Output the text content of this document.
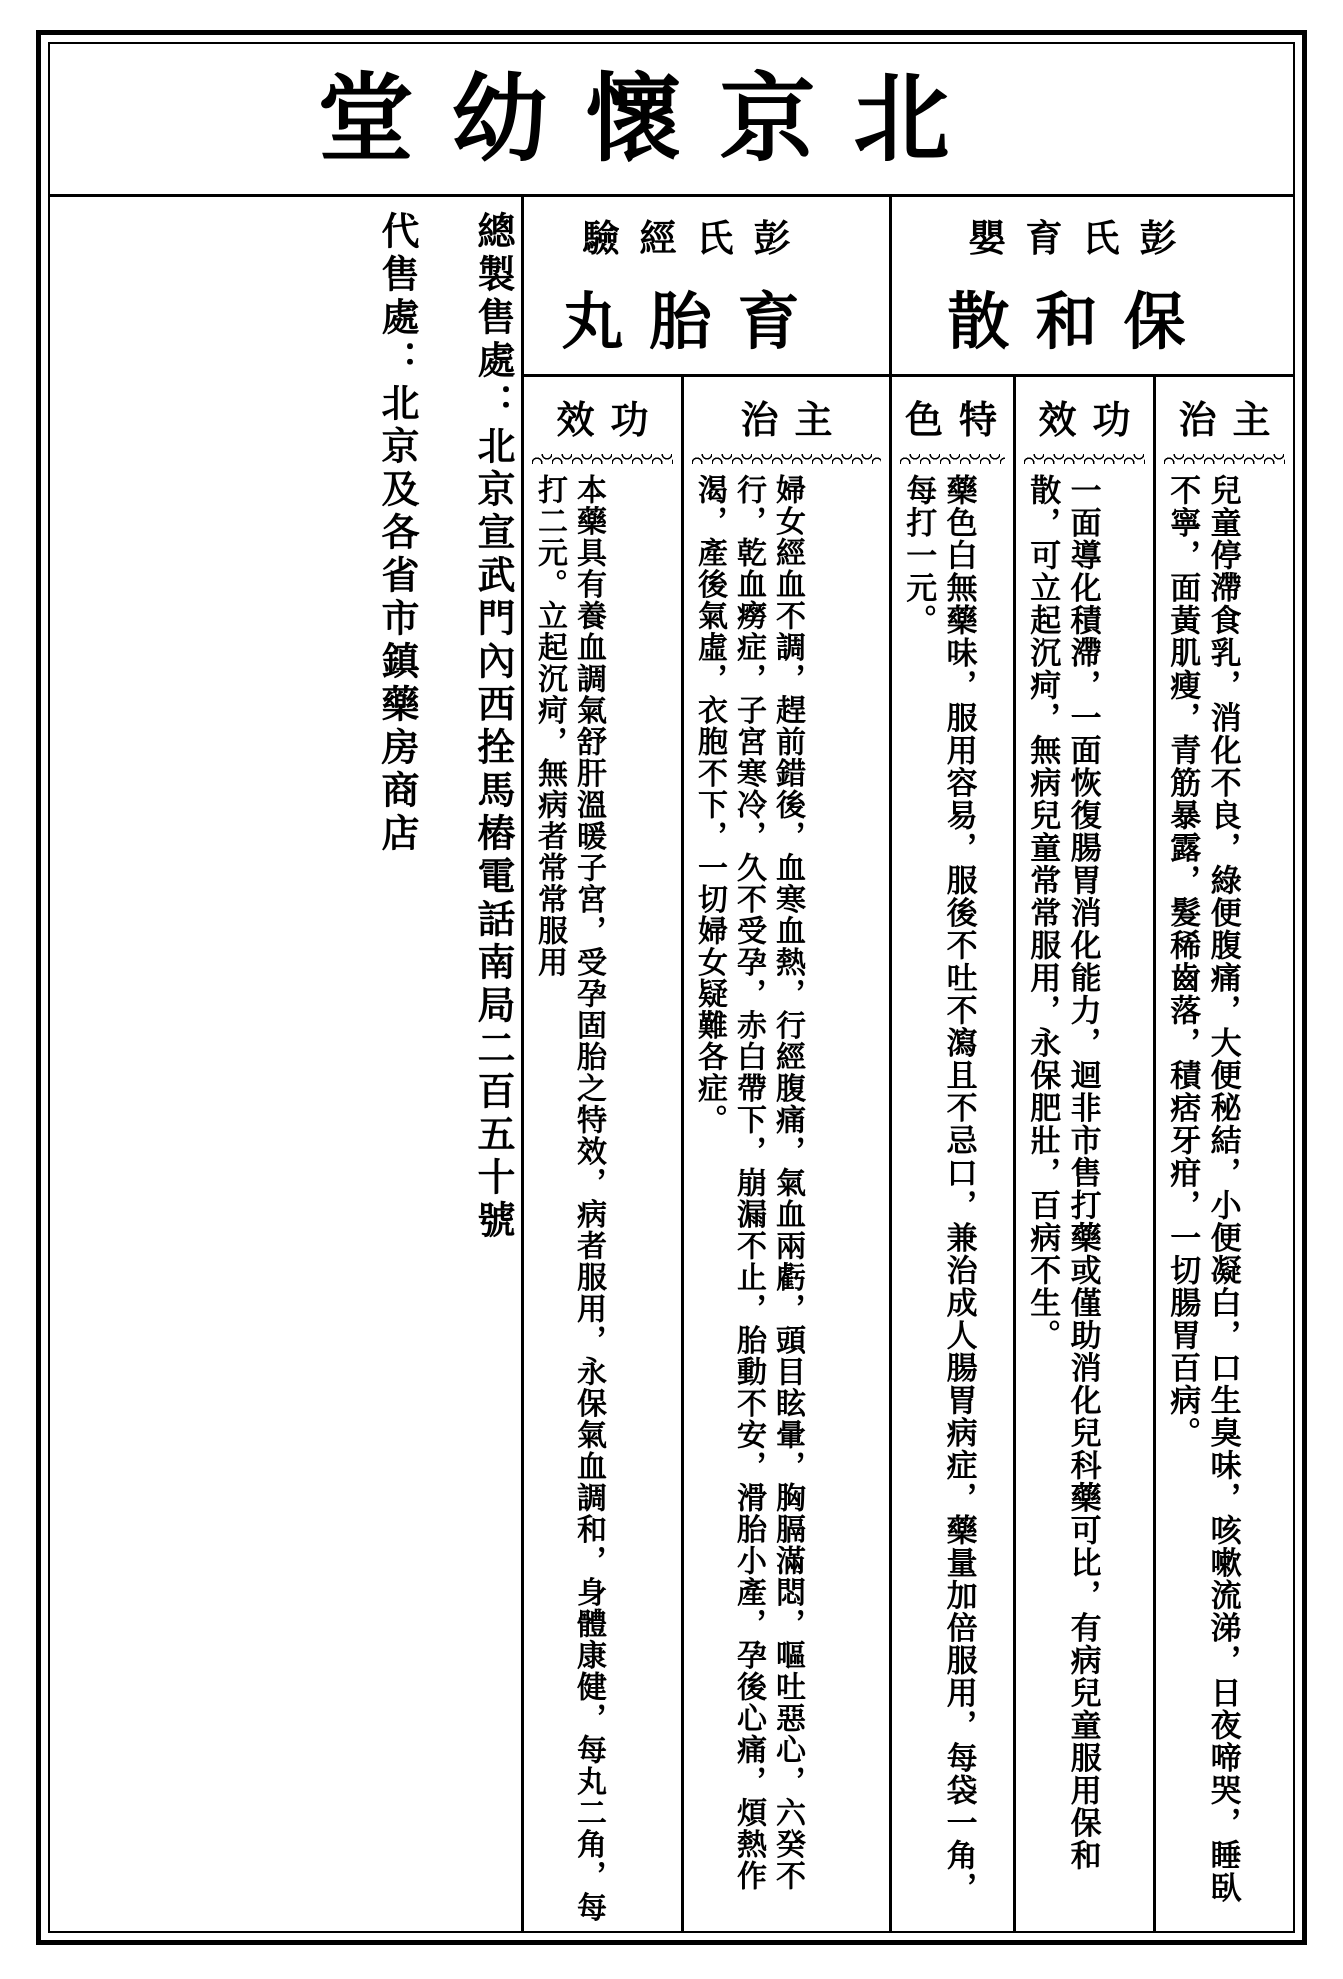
北京懷幼堂
彭氏育嬰
保和散
主治
兒童停滯食乳，消化不良，綠便腹痛，大便秘結，小便凝白，口生臭味，咳嗽流涕，日夜啼哭，睡臥不寧，面黃肌瘦，青筋暴露，髮稀齒落，積痞牙疳，一切腸胃百病。
功效
一面導化積滯，一面恢復腸胃消化能力，迴非市售打藥或僅助消化兒科藥可比，有病兒童服用保和散，可立起沉疴，無病兒童常常服用，永保肥壯，百病不生。
特色
藥色白無藥味，服用容易，服後不吐不瀉且不忌口，兼治成人腸胃病症，藥量加倍服用，每袋一角，每打一元。
彭氏經驗
育胎丸
主治
婦女經血不調，趕前錯後，血寒血熱，行經腹痛，氣血兩虧，頭目眩暈，胸膈滿悶，嘔吐惡心，六癸不行，乾血癆症，子宮寒冷，久不受孕，赤白帶下，崩漏不止，胎動不安，滑胎小產，孕後心痛，煩熱作渴，產後氣虛，衣胞不下，一切婦女疑難各症。
功效
本藥具有養血調氣舒肝溫暖子宮，受孕固胎之特效，病者服用，永保氣血調和，身體康健，每丸二角，每打二元。立起沉疴，無病者常常服用
總製售處：北京宣武門內西拴馬樁電話南局二百五十號
代售處：北京及各省市鎮藥房商店
